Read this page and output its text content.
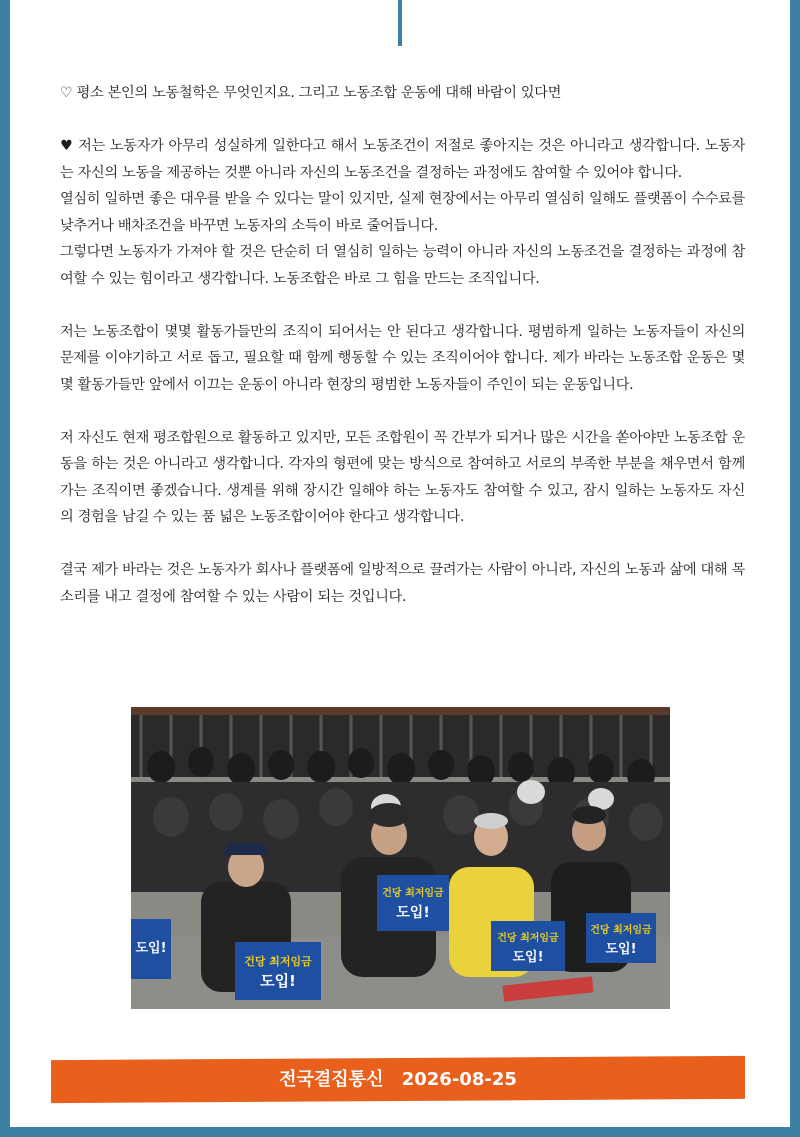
♡ 평소 본인의 노동철학은 무엇인지요. 그리고 노동조합 운동에 대해 바람이 있다면

♥ 저는 노동자가 아무리 성실하게 일한다고 해서 노동조건이 저절로 좋아지는 것은 아니라고 생각합니다. 노동자는 자신의 노동을 제공하는 것뿐 아니라 자신의 노동조건을 결정하는 과정에도 참여할 수 있어야 합니다.

열심히 일하면 좋은 대우를 받을 수 있다는 말이 있지만, 실제 현장에서는 아무리 열심히 일해도 플랫폼이 수수료를 낮추거나 배차조건을 바꾸면 노동자의 소득이 바로 줄어듭니다.

그렇다면 노동자가 가져야 할 것은 단순히 더 열심히 일하는 능력이 아니라 자신의 노동조건을 결정하는 과정에 참여할 수 있는 힘이라고 생각합니다. 노동조합은 바로 그 힘을 만드는 조직입니다.

저는 노동조합이 몇몇 활동가들만의 조직이 되어서는 안 된다고 생각합니다. 평범하게 일하는 노동자들이 자신의 문제를 이야기하고 서로 돕고, 필요할 때 함께 행동할 수 있는 조직이어야 합니다. 제가 바라는 노동조합 운동은 몇몇 활동가들만 앞에서 이끄는 운동이 아니라 현장의 평범한 노동자들이 주인이 되는 운동입니다.

저 자신도 현재 평조합원으로 활동하고 있지만, 모든 조합원이 꼭 간부가 되거나 많은 시간을 쏟아야만 노동조합 운동을 하는 것은 아니라고 생각합니다. 각자의 형편에 맞는 방식으로 참여하고 서로의 부족한 부분을 채우면서 함께 가는 조직이면 좋겠습니다. 생계를 위해 장시간 일해야 하는 노동자도 참여할 수 있고, 잠시 일하는 노동자도 자신의 경험을 남길 수 있는 품 넓은 노동조합이어야 한다고 생각합니다.

결국 제가 바라는 것은 노동자가 회사나 플랫폼에 일방적으로 끌려가는 사람이 아니라, 자신의 노동과 삶에 대해 목소리를 내고 결정에 참여할 수 있는 사람이 되는 것입니다.

건당 최저임금
도입!
건당 최저임금
도입!
건당 최저임금
도입!
건당 최저임금
도입!
도입!
전국결집통신 2026-08-25
